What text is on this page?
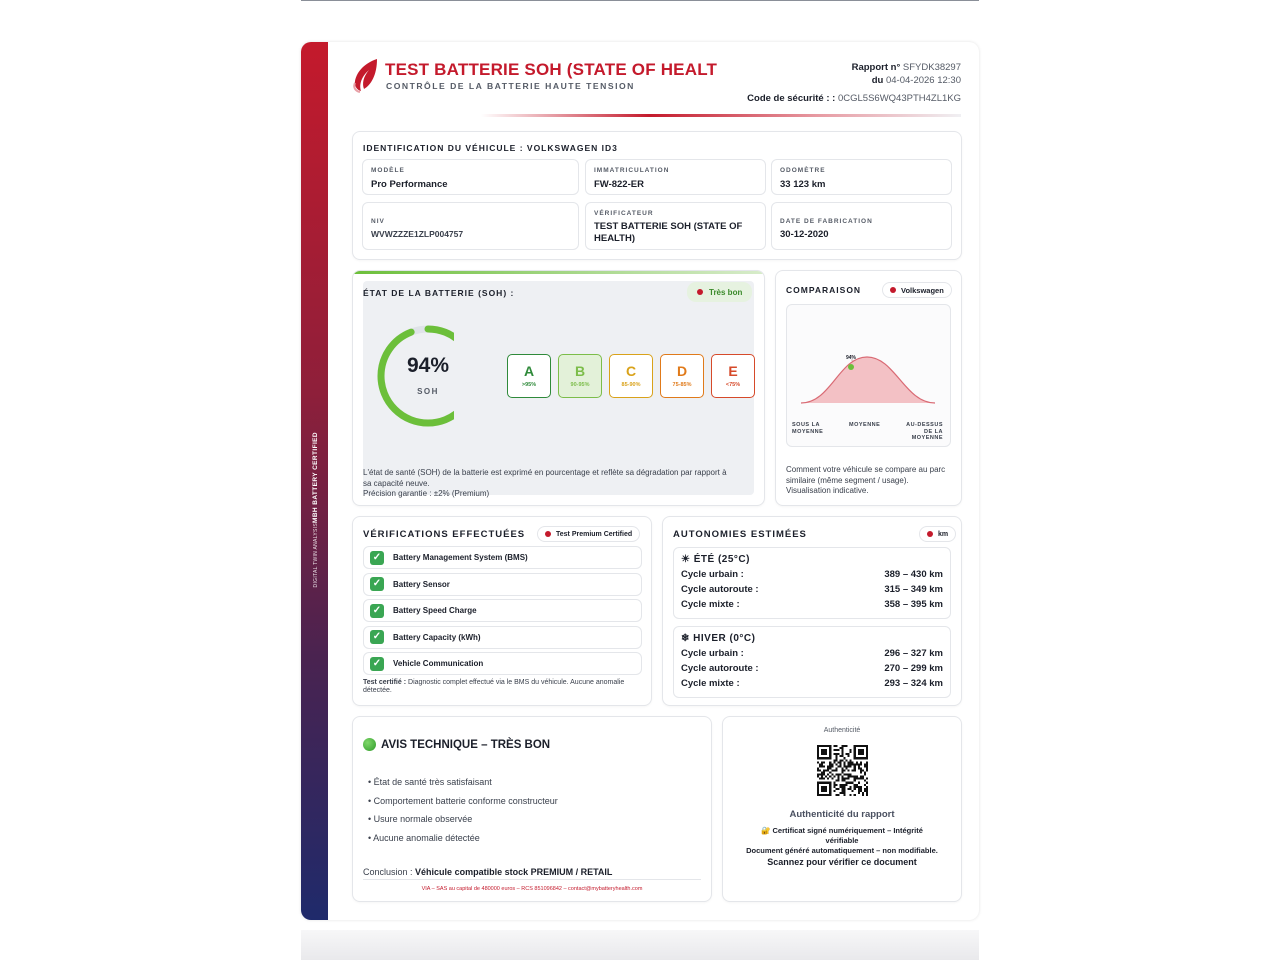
MBH BATTERY CERTIFIED
DIGITAL TWIN ANALYSIS
TEST BATTERIE SOH (STATE OF HEALT
CONTRÔLE DE LA BATTERIE HAUTE TENSION
Rapport n° SFYDK38297
du 04-04-2026 12:30
Code de sécurité : : 0CGL5S6WQ43PTH4ZL1KG
IDENTIFICATION DU VÉHICULE : VOLKSWAGEN ID3
MODÈLE
Pro Performance
IMMATRICULATION
FW-822-ER
ODOMÈTRE
33 123 km
NIV
WVWZZZE1ZLP004757
VÉRIFICATEUR
TEST BATTERIE SOH (STATE OF HEALTH)
DATE DE FABRICATION
30-12-2020
ÉTAT DE LA BATTERIE (SOH) :	Très bon
94%
SOH
A
>95%
B
90-95%
C
85-90%
D
75-85%
E
<75%
L'état de santé (SOH) de la batterie est exprimé en pourcentage et reflète sa dégradation par rapport à sa capacité neuve.
Précision garantie : ±2% (Premium)
COMPARAISON	Volkswagen
94%
SOUS LA MOYENNE
MOYENNE	AU-DESSUS DE LA MOYENNE
Comment votre véhicule se compare au parc similaire (même segment / usage). Visualisation indicative.
VÉRIFICATIONS EFFECTUÉES	Test Premium Certified
✓	Battery Management System (BMS)
✓	Battery Sensor
✓	Battery Speed Charge
✓	Battery Capacity (kWh)
✓	Vehicle Communication
Test certifié : Diagnostic complet effectué via le BMS du véhicule. Aucune anomalie détectée.
AUTONOMIES ESTIMÉES	km
☀ ÉTÉ (25°C)
Cycle urbain :	389 – 430 km
Cycle autoroute :	315 – 349 km
Cycle mixte :	358 – 395 km
❄ HIVER (0°C)
Cycle urbain :	296 – 327 km
Cycle autoroute :	270 – 299 km
Cycle mixte :	293 – 324 km
AVIS TECHNIQUE – TRÈS BON
• État de santé très satisfaisant
• Comportement batterie conforme constructeur
• Usure normale observée
• Aucune anomalie détectée
Conclusion : Véhicule compatible stock PREMIUM / RETAIL
VIA – SAS au capital de 480000 euros – RCS 851096842 – contact@mybatteryhealth.com
Authenticité
Authenticité du rapport
🔐 Certificat signé numériquement – Intégrité vérifiable
Document généré automatiquement – non modifiable.
Scannez pour vérifier ce document
